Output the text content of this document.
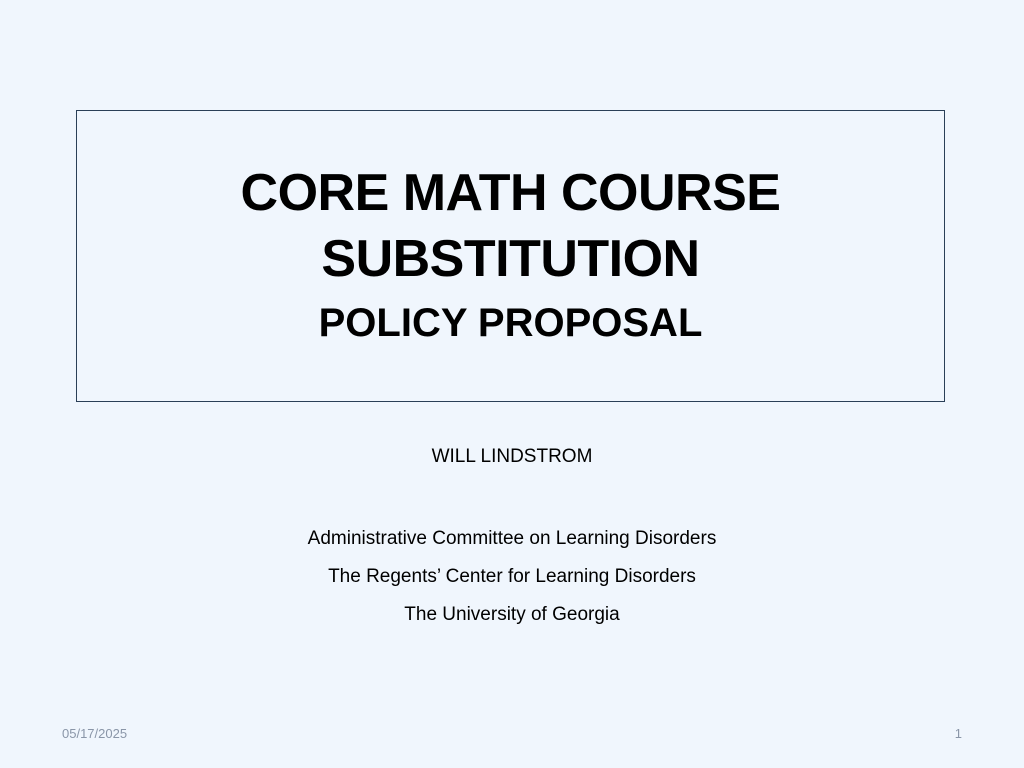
CORE MATH COURSE
SUBSTITUTION
POLICY PROPOSAL
WILL LINDSTROM
Administrative Committee on Learning Disorders
The Regents’ Center for Learning Disorders
The University of Georgia
05/17/2025	1
